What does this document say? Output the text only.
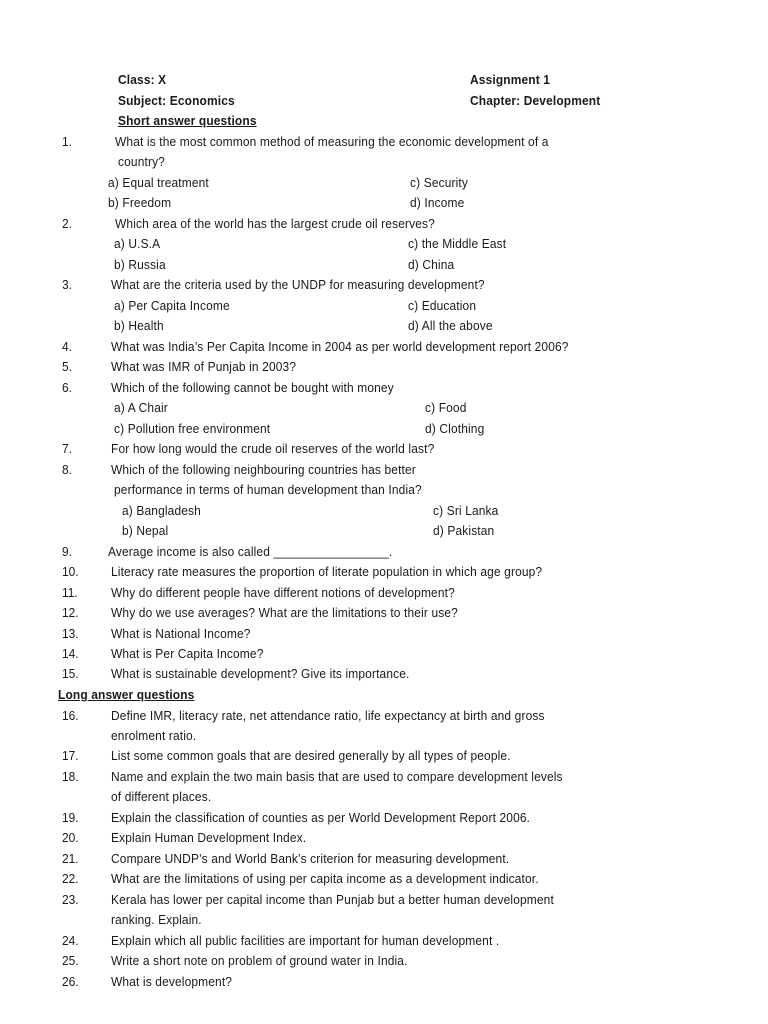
Class: X	Assignment 1
Subject: Economics	Chapter: Development
Short answer questions
1.	What is the most common method of measuring the economic development of a
country?
a) Equal treatment	c) Security
b) Freedom	d) Income
2.	Which area of the world has the largest crude oil reserves?
a) U.S.A	c) the Middle East
b) Russia	d) China
3.	What are the criteria used by the UNDP for measuring development?
a) Per Capita Income	c) Education
b) Health	d) All the above
4.	What was India’s Per Capita Income in 2004 as per world development report 2006?
5.	What was IMR of Punjab in 2003?
6.	Which of the following cannot be bought with money
a) A Chair	c) Food
c) Pollution free environment	d) Clothing
7.	For how long would the crude oil reserves of the world last?
8.	Which of the following neighbouring countries has better
performance in terms of human development than India?
a) Bangladesh	c) Sri Lanka
b) Nepal	d) Pakistan
9.	Average income is also called _________________.
10. Literacy rate measures the proportion of literate population in which age group?
11.	Why do different people have different notions of development?
12. Why do we use averages? What are the limitations to their use?
13. What is National Income?
14. What is Per Capita Income?
15. What is sustainable development? Give its importance.
Long answer questions
16. Define IMR, literacy rate, net attendance ratio, life expectancy at birth and gross
enrolment ratio.
17. List some common goals that are desired generally by all types of people.
18. Name and explain the two main basis that are used to compare development levels
of different places.
19. Explain the classification of counties as per World Development Report 2006.
20. Explain Human Development Index.
21. Compare UNDP’s and World Bank’s criterion for measuring development.
22. What are the limitations of using per capita income as a development indicator.
23. Kerala has lower per capital income than Punjab but a better human development
ranking. Explain.
24. Explain which all public facilities are important for human development .
25. Write a short note on problem of ground water in India.
26. What is development?
